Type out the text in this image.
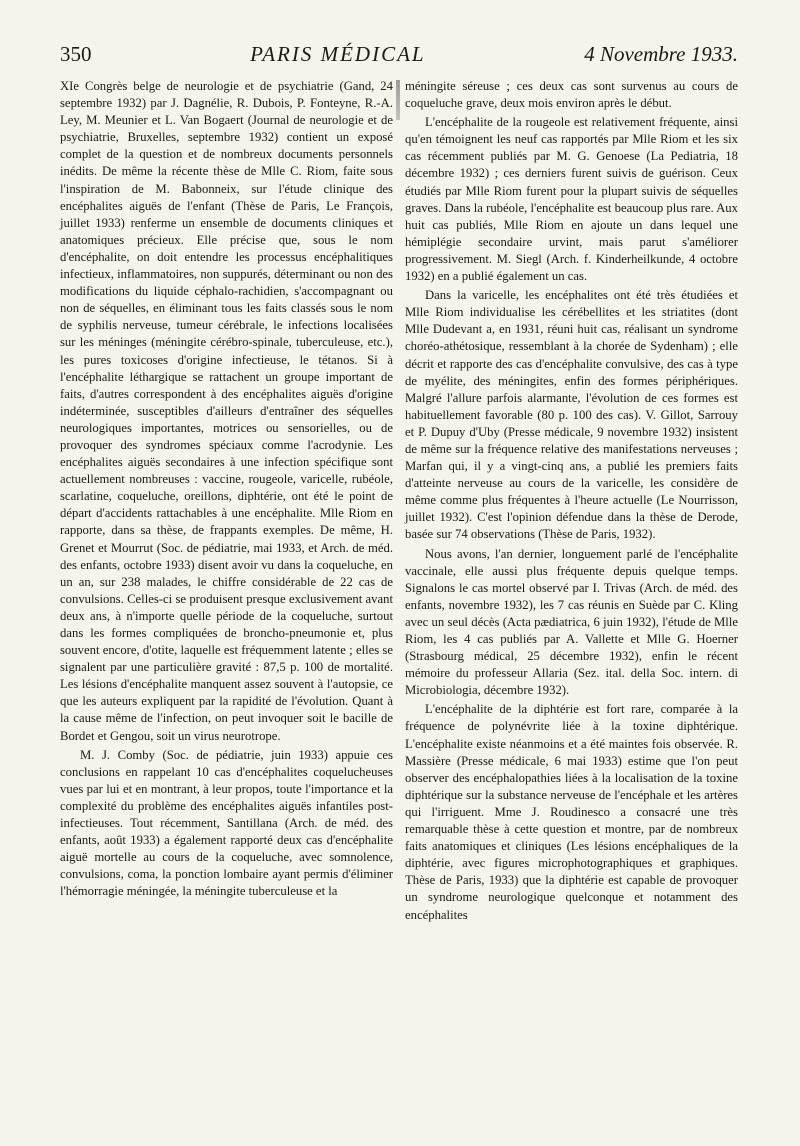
350	PARIS MÉDICAL	4 Novembre 1933.

XIe Congrès belge de neurologie et de psychiatrie (Gand, 24 septembre 1932) par J. Dagnélie, R. Dubois, P. Fonteyne, R.-A. Ley, M. Meunier et L. Van Bogaert (Journal de neurologie et de psychiatrie, Bruxelles, septembre 1932) contient un exposé complet de la question et de nombreux documents personnels inédits. De même la récente thèse de Mlle C. Riom, faite sous l'inspiration de M. Babonneix, sur l'étude clinique des encéphalites aiguës de l'enfant (Thèse de Paris, Le François, juillet 1933) renferme un ensemble de documents cliniques et anatomiques précieux. Elle précise que, sous le nom d'encéphalite, on doit entendre les processus encéphalitiques infectieux, inflammatoires, non suppurés, déterminant ou non des modifications du liquide céphalo-rachidien, s'accompagnant ou non de séquelles, en éliminant tous les faits classés sous le nom de syphilis nerveuse, tumeur cérébrale, le infections localisées sur les méninges (méningite cérébro-spinale, tuberculeuse, etc.), les pures toxicoses d'origine infectieuse, le tétanos. Si à l'encéphalite léthargique se rattachent un groupe important de faits, d'autres correspondent à des encéphalites aiguës d'origine indéterminée, susceptibles d'ailleurs d'entraîner des séquelles neurologiques importantes, motrices ou sensorielles, ou de provoquer des syndromes spéciaux comme l'acrodynie. Les encéphalites aiguës secondaires à une infection spécifique sont actuellement nombreuses : vaccine, rougeole, varicelle, rubéole, scarlatine, coqueluche, oreillons, diphtérie, ont été le point de départ d'accidents rattachables à une encéphalite. Mlle Riom en rapporte, dans sa thèse, de frappants exemples. De même, H. Grenet et Mourrut (Soc. de pédiatrie, mai 1933, et Arch. de méd. des enfants, octobre 1933) disent avoir vu dans la coqueluche, en un an, sur 238 malades, le chiffre considérable de 22 cas de convulsions. Celles-ci se produisent presque exclusivement avant deux ans, à n'importe quelle période de la coqueluche, surtout dans les formes compliquées de broncho-pneumonie et, plus souvent encore, d'otite, laquelle est fréquemment latente ; elles se signalent par une particulière gravité : 87,5 p. 100 de mortalité. Les lésions d'encéphalite manquent assez souvent à l'autopsie, ce que les auteurs expliquent par la rapidité de l'évolution. Quant à la cause même de l'infection, on peut invoquer soit le bacille de Bordet et Gengou, soit un virus neurotrope.

M. J. Comby (Soc. de pédiatrie, juin 1933) appuie ces conclusions en rappelant 10 cas d'encéphalites coquelucheuses vues par lui et en montrant, à leur propos, toute l'importance et la complexité du problème des encéphalites aiguës infantiles post-infectieuses. Tout récemment, Santillana (Arch. de méd. des enfants, août 1933) a également rapporté deux cas d'encéphalite aiguë mortelle au cours de la coqueluche, avec somnolence, convulsions, coma, la ponction lombaire ayant permis d'éliminer l'hémorragie méningée, la méningite tuberculeuse et la

méningite séreuse ; ces deux cas sont survenus au cours de coqueluche grave, deux mois environ après le début.

L'encéphalite de la rougeole est relativement fréquente, ainsi qu'en témoignent les neuf cas rapportés par Mlle Riom et les six cas récemment publiés par M. G. Genoese (La Pediatria, 18 décembre 1932) ; ces derniers furent suivis de guérison. Ceux étudiés par Mlle Riom furent pour la plupart suivis de séquelles graves. Dans la rubéole, l'encéphalite est beaucoup plus rare. Aux huit cas publiés, Mlle Riom en ajoute un dans lequel une hémiplégie secondaire urvint, mais parut s'améliorer progressivement. M. Siegl (Arch. f. Kinderheilkunde, 4 octobre 1932) en a publié également un cas.

Dans la varicelle, les encéphalites ont été très étudiées et Mlle Riom individualise les cérébellites et les striatites (dont Mlle Dudevant a, en 1931, réuni huit cas, réalisant un syndrome choréo-athétosique, ressemblant à la chorée de Sydenham) ; elle décrit et rapporte des cas d'encéphalite convulsive, des cas à type de myélite, des méningites, enfin des formes périphériques. Malgré l'allure parfois alarmante, l'évolution de ces formes est habituellement favorable (80 p. 100 des cas). V. Gillot, Sarrouy et P. Dupuy d'Uby (Presse médicale, 9 novembre 1932) insistent de même sur la fréquence relative des manifestations nerveuses ; Marfan qui, il y a vingt-cinq ans, a publié les premiers faits d'atteinte nerveuse au cours de la varicelle, les considère de même comme plus fréquentes à l'heure actuelle (Le Nourrisson, juillet 1932). C'est l'opinion défendue dans la thèse de Derode, basée sur 74 observations (Thèse de Paris, 1932).

Nous avons, l'an dernier, longuement parlé de l'encéphalite vaccinale, elle aussi plus fréquente depuis quelque temps. Signalons le cas mortel observé par I. Trivas (Arch. de méd. des enfants, novembre 1932), les 7 cas réunis en Suède par C. Kling avec un seul décès (Acta pædiatrica, 6 juin 1932), l'étude de Mlle Riom, les 4 cas publiés par A. Vallette et Mlle G. Hoerner (Strasbourg médical, 25 décembre 1932), enfin le récent mémoire du professeur Allaria (Sez. ital. della Soc. intern. di Microbiologia, décembre 1932).

L'encéphalite de la diphtérie est fort rare, comparée à la fréquence de polynévrite liée à la toxine diphtérique. L'encéphalite existe néanmoins et a été maintes fois observée. R. Massière (Presse médicale, 6 mai 1933) estime que l'on peut observer des encéphalopathies liées à la localisation de la toxine diphtérique sur la substance nerveuse de l'encéphale et les artères qui l'irriguent. Mme J. Roudinesco a consacré une très remarquable thèse à cette question et montre, par de nombreux faits anatomiques et cliniques (Les lésions encéphaliques de la diphtérie, avec figures microphotographiques et graphiques. Thèse de Paris, 1933) que la diphtérie est capable de provoquer un syndrome neurologique quelconque et notamment des encéphalites
